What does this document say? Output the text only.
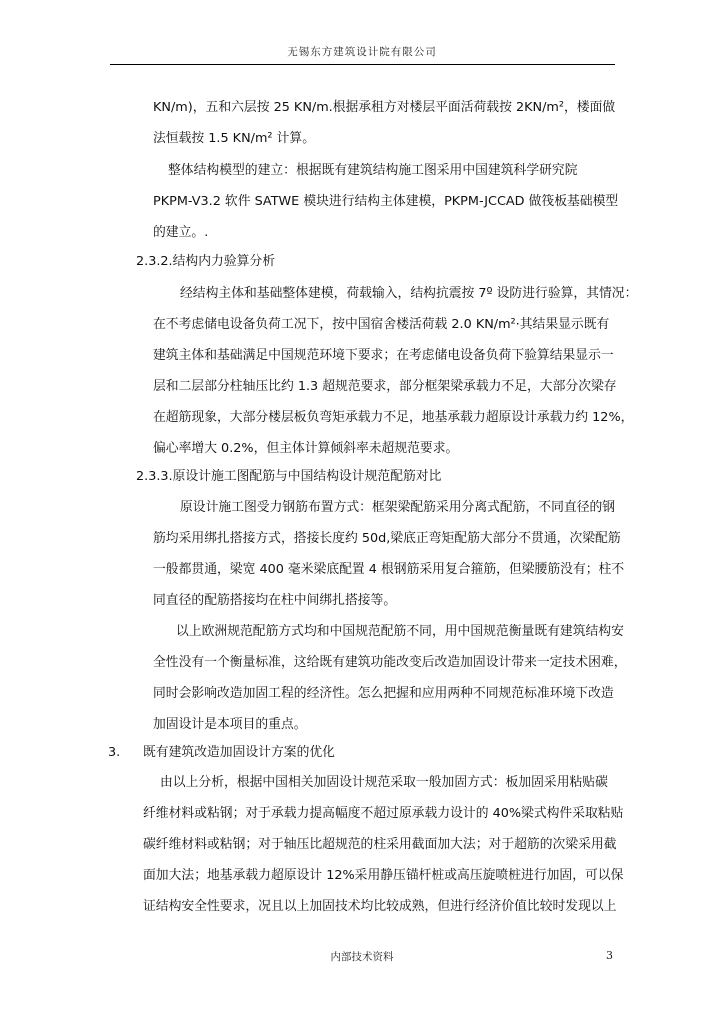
无锡东方建筑设计院有限公司

KN/m)，五和六层按 25 KN/m.根据承租方对楼层平面活荷载按 2KN/m²，楼面做

法恒载按 1.5 KN/m² 计算。

整体结构模型的建立：根据既有建筑结构施工图采用中国建筑科学研究院

PKPM-V3.2 软件 SATWE 模块进行结构主体建模，PKPM-JCCAD 做筏板基础模型

的建立。.

2.3.2.结构内力验算分析

经结构主体和基础整体建模，荷载输入，结构抗震按 7º 设防进行验算，其情况：

在不考虑储电设备负荷工况下，按中国宿舍楼活荷载 2.0 KN/m²·其结果显示既有

建筑主体和基础满足中国规范环境下要求；在考虑储电设备负荷下验算结果显示一

层和二层部分柱轴压比约 1.3 超规范要求，部分框架梁承载力不足，大部分次梁存

在超筋现象，大部分楼层板负弯矩承载力不足，地基承载力超原设计承载力约 12%，

偏心率增大 0.2%，但主体计算倾斜率未超规范要求。

2.3.3.原设计施工图配筋与中国结构设计规范配筋对比

原设计施工图受力钢筋布置方式：框架梁配筋采用分离式配筋，不同直径的钢

筋均采用绑扎搭接方式，搭接长度约 50d,梁底正弯矩配筋大部分不贯通，次梁配筋

一般都贯通，梁宽 400 毫米梁底配置 4 根钢筋采用复合箍筋，但梁腰筋没有；柱不

同直径的配筋搭接均在柱中间绑扎搭接等。

以上欧洲规范配筋方式均和中国规范配筋不同，用中国规范衡量既有建筑结构安

全性没有一个衡量标准，这给既有建筑功能改变后改造加固设计带来一定技术困难，

同时会影响改造加固工程的经济性。怎么把握和应用两种不同规范标准环境下改造

加固设计是本项目的重点。

3. 既有建筑改造加固设计方案的优化

由以上分析，根据中国相关加固设计规范采取一般加固方式：板加固采用粘贴碳

纤维材料或粘钢；对于承载力提高幅度不超过原承载力设计的 40%梁式构件采取粘贴

碳纤维材料或粘钢；对于轴压比超规范的柱采用截面加大法；对于超筋的次梁采用截

面加大法；地基承载力超原设计 12%采用静压锚杆桩或高压旋喷桩进行加固，可以保

证结构安全性要求，况且以上加固技术均比较成熟，但进行经济价值比较时发现以上

内部技术资料	3
